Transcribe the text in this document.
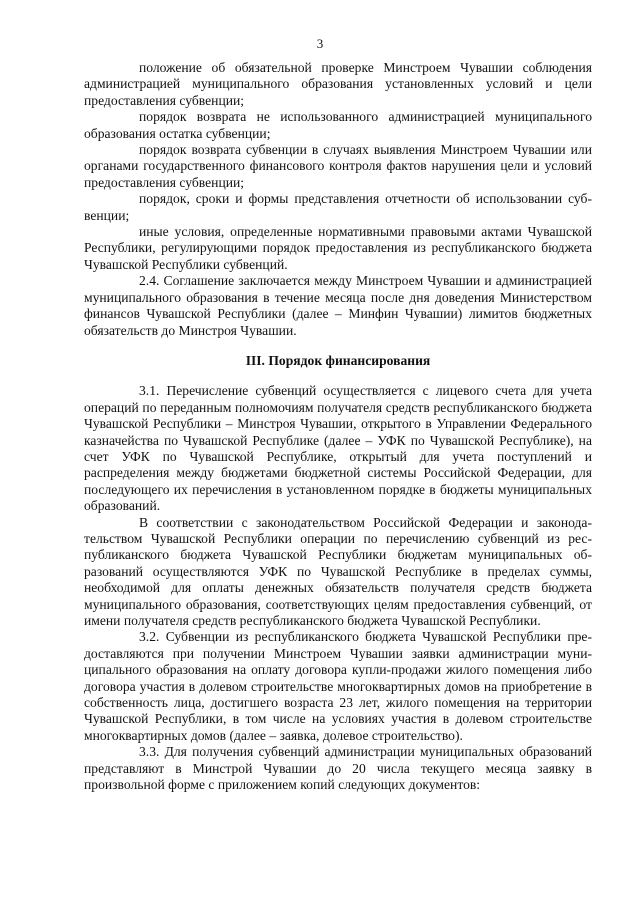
3

положение об обязательной проверке Минстроем Чувашии соблюдения администрацией муниципального образования установленных условий и цели предоставления субвенции;

порядок возврата не использованного администрацией муниципального образования остатка субвенции;

порядок возврата субвенции в случаях выявления Минстроем Чувашии или органами государственного финансового контроля фактов нарушения цели и условий предоставления субвенции;

порядок, сроки и формы представления отчетности об использовании субвенции;

иные условия, определенные нормативными правовыми актами Чувашской Республики, регулирующими порядок предоставления из республиканского бюджета Чувашской Республики субвенций.

2.4. Соглашение заключается между Минстроем Чувашии и администрацией муниципального образования в течение месяца после дня доведения Министерством финансов Чувашской Республики (далее – Минфин Чувашии) лимитов бюджетных обязательств до Минстроя Чувашии.

III. Порядок финансирования

3.1. Перечисление субвенций осуществляется с лицевого счета для учета операций по переданным полномочиям получателя средств республиканского бюджета Чувашской Республики – Минстроя Чувашии, открытого в Управлении Федерального казначейства по Чувашской Республике (далее – УФК по Чувашской Республике), на счет УФК по Чувашской Республике, открытый для учета поступлений и распределения между бюджетами бюджетной системы Российской Федерации, для последующего их перечисления в установленном порядке в бюджеты муниципальных образований.

В соответствии с законодательством Российской Федерации и законодательством Чувашской Республики операции по перечислению субвенций из республиканского бюджета Чувашской Республики бюджетам муниципальных образований осуществляются УФК по Чувашской Республике в пределах суммы, необходимой для оплаты денежных обязательств получателя средств бюджета муниципального образования, соответствующих целям предоставления субвенций, от имени получателя средств республиканского бюджета Чувашской Республики.

3.2. Субвенции из республиканского бюджета Чувашской Республики предоставляются при получении Минстроем Чувашии заявки администрации муниципального образования на оплату договора купли-продажи жилого помещения либо договора участия в долевом строительстве многоквартирных домов на приобретение в собственность лица, достигшего возраста 23 лет, жилого помещения на территории Чувашской Республики, в том числе на условиях участия в долевом строительстве многоквартирных домов (далее – заявка, долевое строительство).

3.3. Для получения субвенций администрации муниципальных образований представляют в Минстрой Чувашии до 20 числа текущего месяца заявку в произвольной форме с приложением копий следующих документов:
